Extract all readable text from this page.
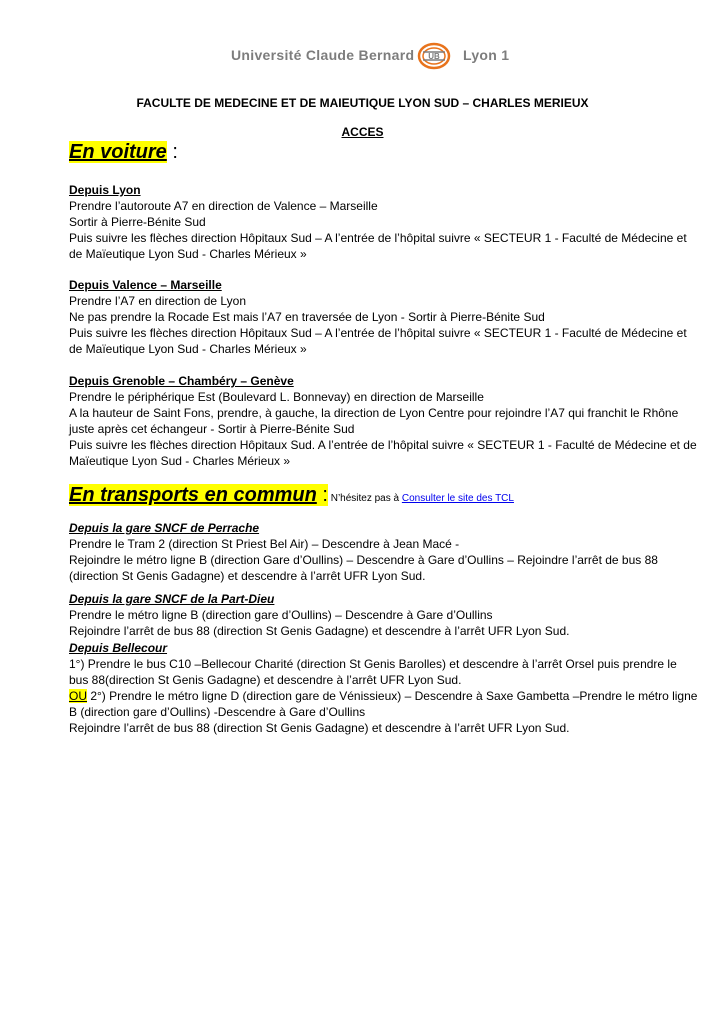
Université Claude Bernard UB Lyon 1
FACULTE DE MEDECINE ET DE MAIEUTIQUE LYON SUD – CHARLES MERIEUX
ACCES
En voiture :

Depuis Lyon

Prendre l’autoroute A7 en direction de Valence – Marseille

Sortir à Pierre-Bénite Sud

Puis suivre les flèches direction Hôpitaux Sud – A l’entrée de l’hôpital suivre « SECTEUR 1 - Faculté de Médecine et de Maïeutique Lyon Sud - Charles Mérieux »

Depuis Valence – Marseille

Prendre l’A7 en direction de Lyon

Ne pas prendre la Rocade Est mais l’A7 en traversée de Lyon - Sortir à Pierre-Bénite Sud

Puis suivre les flèches direction Hôpitaux Sud – A l’entrée de l’hôpital suivre « SECTEUR 1 - Faculté de Médecine et de Maïeutique Lyon Sud - Charles Mérieux »

Depuis Grenoble – Chambéry – Genève

Prendre le périphérique Est (Boulevard L. Bonnevay) en direction de Marseille

A la hauteur de Saint Fons, prendre, à gauche, la direction de Lyon Centre pour rejoindre l’A7 qui franchit le Rhône juste après cet échangeur - Sortir à Pierre-Bénite Sud

Puis suivre les flèches direction Hôpitaux Sud. A l’entrée de l’hôpital suivre « SECTEUR 1 - Faculté de Médecine et de Maïeutique Lyon Sud - Charles Mérieux »

En transports en commun : N’hésitez pas à Consulter le site des TCL

Depuis la gare SNCF de Perrache

Prendre le Tram 2 (direction St Priest Bel Air) – Descendre à Jean Macé -

Rejoindre le métro ligne B (direction Gare d’Oullins) – Descendre à Gare d’Oullins – Rejoindre l’arrêt de bus 88 (direction St Genis Gadagne) et descendre à l’arrêt UFR Lyon Sud.

Depuis la gare SNCF de la Part-Dieu

Prendre le métro ligne B (direction gare d’Oullins) – Descendre à Gare d’Oullins

Rejoindre l’arrêt de bus 88 (direction St Genis Gadagne) et descendre à l’arrêt UFR Lyon Sud.

Depuis Bellecour

1°) Prendre le bus C10 –Bellecour Charité (direction St Genis Barolles) et descendre à l’arrêt Orsel puis prendre le bus 88(direction St Genis Gadagne) et descendre à l’arrêt UFR Lyon Sud.

OU 2°) Prendre le métro ligne D (direction gare de Vénissieux) – Descendre à Saxe Gambetta –Prendre le métro ligne B (direction gare d’Oullins) -Descendre à Gare d’Oullins

Rejoindre l’arrêt de bus 88 (direction St Genis Gadagne) et descendre à l’arrêt UFR Lyon Sud.
